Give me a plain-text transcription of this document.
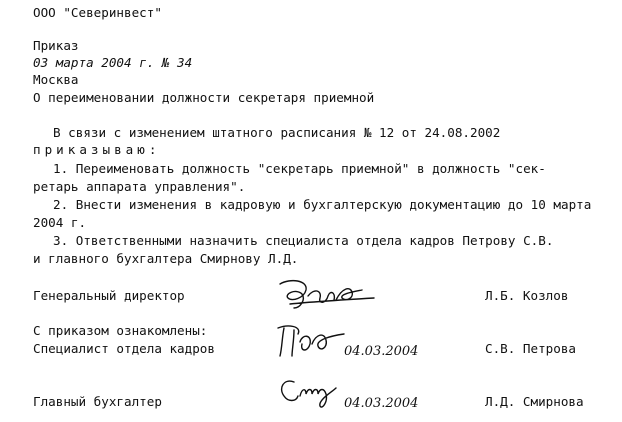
ООО "Северинвест"
Приказ
03 марта 2004 г. № 34
Москва
О переименовании должности секретаря приемной
В связи с изменением штатного расписания № 12 от 24.08.2002
приказываю:
1. Переименовать должность "секретарь приемной" в должность "сек-
ретарь аппарата управления".
2. Внести изменения в кадровую и бухгалтерскую документацию до 10 марта
2004 г.
3. Ответственными назначить специалиста отдела кадров Петрову С.В.
и главного бухгалтера Смирнову Л.Д.
Генеральный директор	Л.Б. Козлов
С приказом ознакомлены:
Специалист отдела кадров	04.03.2004	С.В. Петрова
Главный бухгалтер	04.03.2004	Л.Д. Смирнова
